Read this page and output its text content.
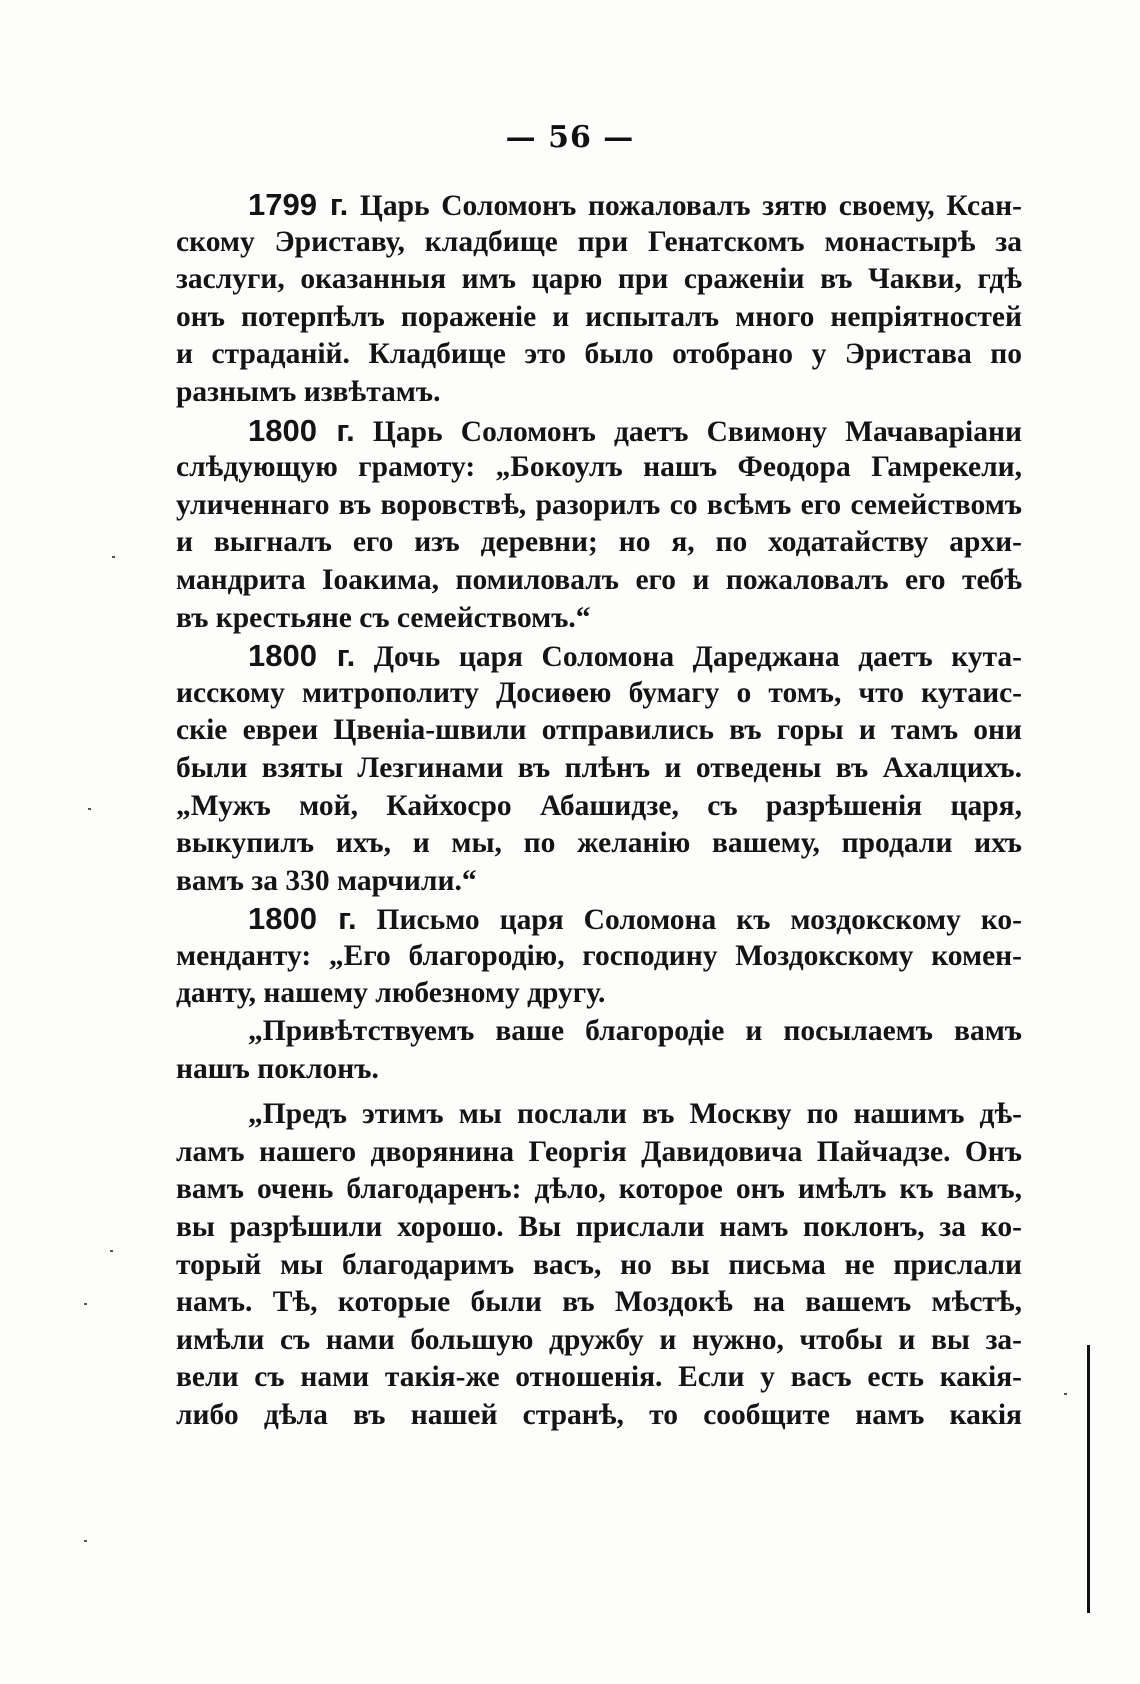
— 56 —
1799 г. Царь Соломонъ пожаловалъ зятю своему, Ксан-
скому Эриставу, кладбище при Генатскомъ монастырѣ за
заслуги, оказанныя имъ царю при сраженіи въ Чакви, гдѣ
онъ потерпѣлъ пораженіе и испыталъ много непріятностей
и страданій. Кладбище это было отобрано у Эристава по
разнымъ извѣтамъ.
1800 г. Царь Соломонъ даетъ Свимону Мачаваріани
слѣдующую грамоту: „Бокоулъ нашъ Феодора Гамрекели,
уличеннаго въ воровствѣ, разорилъ со всѣмъ его семействомъ
и выгналъ его изъ деревни; но я, по ходатайству архи-
мандрита Іоакима, помиловалъ его и пожаловалъ его тебѣ
въ крестьяне съ семействомъ.“
1800 г. Дочь царя Соломона Дареджана даетъ кута-
исскому митрополиту Досиѳею бумагу о томъ, что кутаис-
скіе евреи Цвеніа-швили отправились въ горы и тамъ они
были взяты Лезгинами въ плѣнъ и отведены въ Ахалцихъ.
„Мужъ мой, Кайхосро Абашидзе, съ разрѣшенія царя,
выкупилъ ихъ, и мы, по желанію вашему, продали ихъ
вамъ за 330 марчили.“
1800 г. Письмо царя Соломона къ моздокскому ко-
менданту: „Его благородію, господину Моздокскому комен-
данту, нашему любезному другу.
„Привѣтствуемъ ваше благородіе и посылаемъ вамъ
нашъ поклонъ.
„Предъ этимъ мы послали въ Москву по нашимъ дѣ-
ламъ нашего дворянина Георгія Давидовича Пайчадзе. Онъ
вамъ очень благодаренъ: дѣло, которое онъ имѣлъ къ вамъ,
вы разрѣшили хорошо. Вы прислали намъ поклонъ, за ко-
торый мы благодаримъ васъ, но вы письма не прислали
намъ. Тѣ, которые были въ Моздокѣ на вашемъ мѣстѣ,
имѣли съ нами большую дружбу и нужно, чтобы и вы за-
вели съ нами такія-же отношенія. Если у васъ есть какія-
либо дѣла въ нашей странѣ, то сообщите намъ какія
